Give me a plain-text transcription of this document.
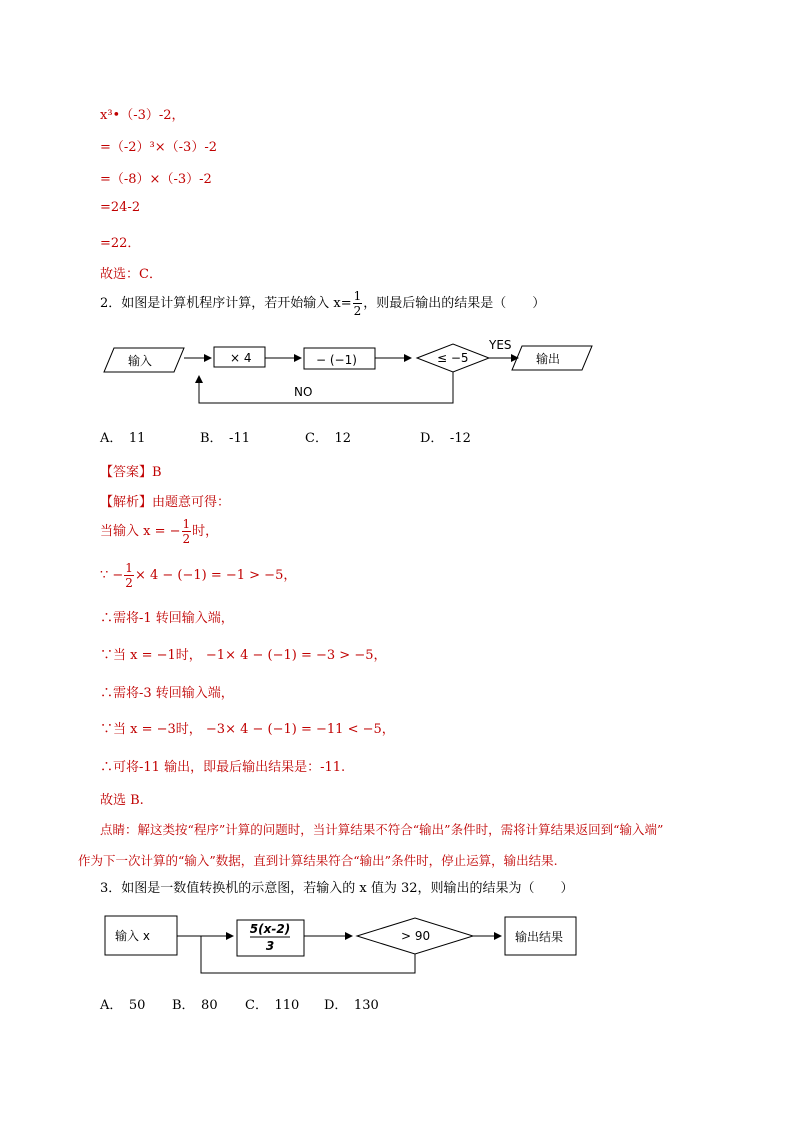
x³•（-3）-2，
=（-2）³×（-3）-2
=（-8）×（-3）-2
=24-2
=22．
故选：C．
2．如图是计算机程序计算，若开始输入 $x= \frac{1}{2}$ ，则最后输出的结果是（　　）
输入	× 4	− (−1)	≤ −5
YES
输出
NO
输入 x	5(x-2)
3
> 90	输出结果
A．　11	B．　-11	C．　12	D．　-12
【答案】B
【解析】由题意可得：
当输入 x = − $\frac{1}{2}$ 时，
∵ − $\frac{1}{2} \times 4 - (-1) = -1 > -5$，
∴需将-1 转回输入端，
∵当 x = −1时， −1× 4 − (−1) = −3 > −5，
∴需将-3 转回输入端，
∵当 x = −3时， −3× 4 − (−1) = −11 < −5，
∴可将-11 输出，即最后输出结果是：-11.
故选 B.
点睛：解这类按“程序”计算的问题时，当计算结果不符合“输出”条件时，需将计算结果返回到“输入端”
作为下一次计算的“输入”数据，直到计算结果符合“输出”条件时，停止运算，输出结果.
3．如图是一数值转换机的示意图，若输入的 x 值为 32，则输出的结果为（　　）
A．　50 B．　80 C．　110 D．　130
